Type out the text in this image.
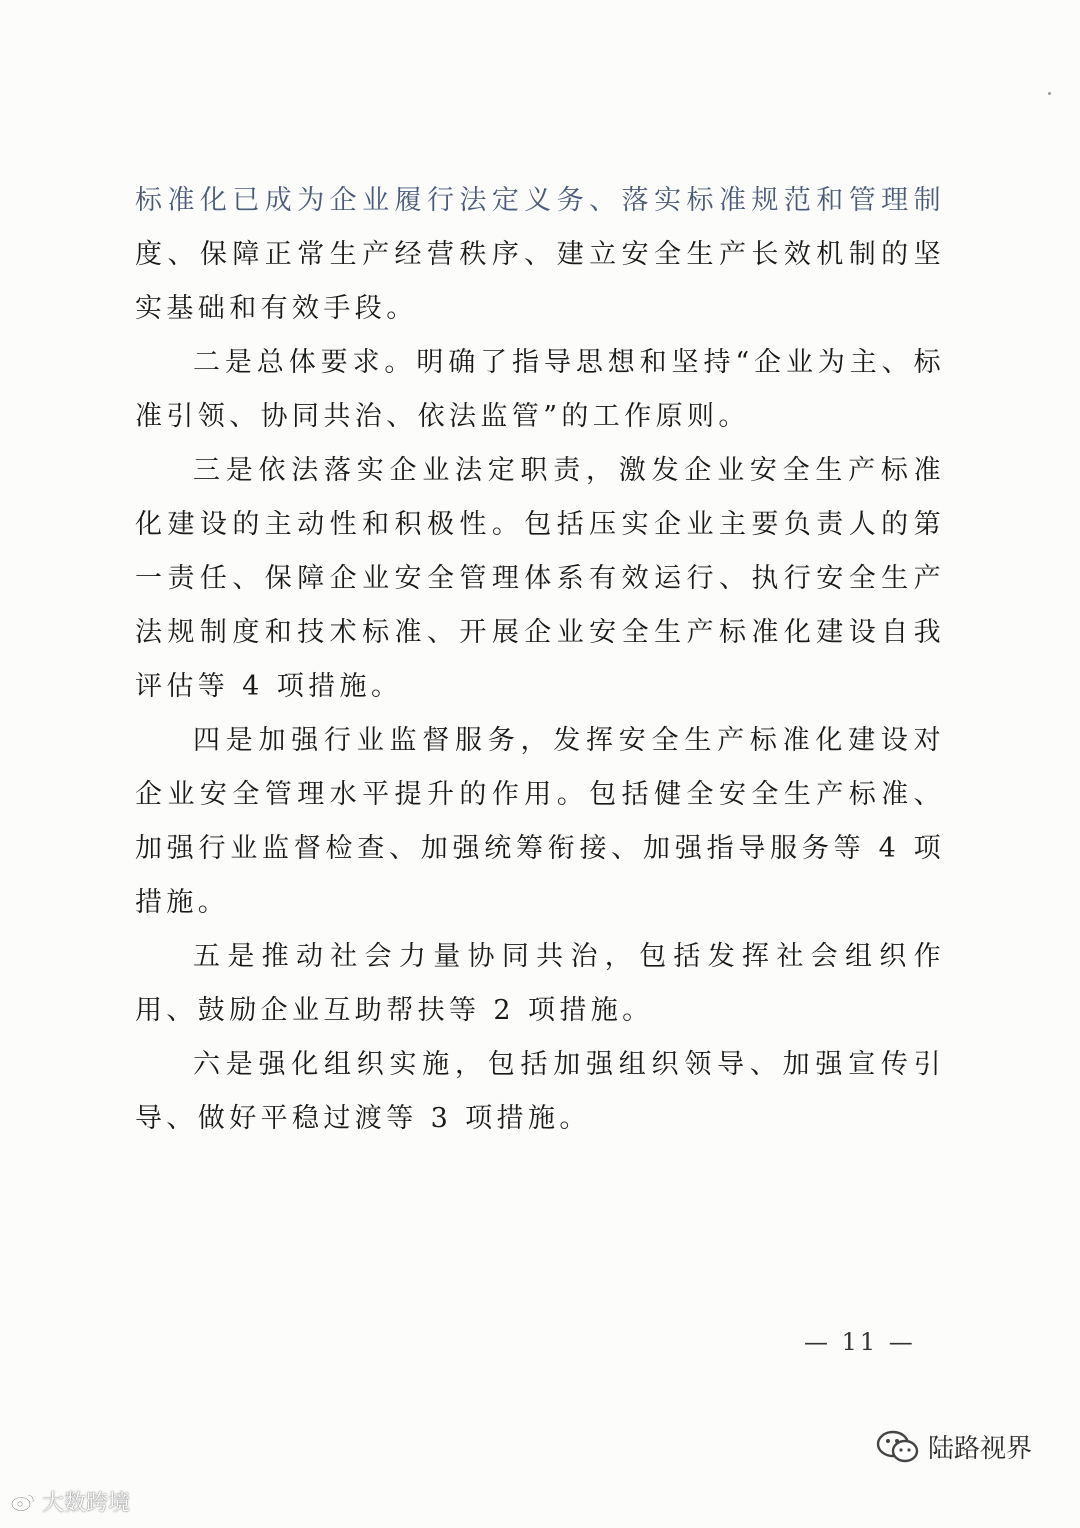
标准化已成为企业履行法定义务、落实标准规范和管理制度、保障正常生产经营秩序、建立安全生产长效机制的坚实基础和有效手段。

二是总体要求。明确了指导思想和坚持“企业为主、标准引领、协同共治、依法监管”的工作原则。

三是依法落实企业法定职责，激发企业安全生产标准化建设的主动性和积极性。包括压实企业主要负责人的第一责任、保障企业安全管理体系有效运行、执行安全生产法规制度和技术标准、开展企业安全生产标准化建设自我评估等 4 项措施。

四是加强行业监督服务，发挥安全生产标准化建设对企业安全管理水平提升的作用。包括健全安全生产标准、加强行业监督检查、加强统筹衔接、加强指导服务等 4 项措施。

五是推动社会力量协同共治，包括发挥社会组织作用、鼓励企业互助帮扶等 2 项措施。

六是强化组织实施，包括加强组织领导、加强宣传引导、做好平稳过渡等 3 项措施。

— 11 —
陆路视界
大数跨境
